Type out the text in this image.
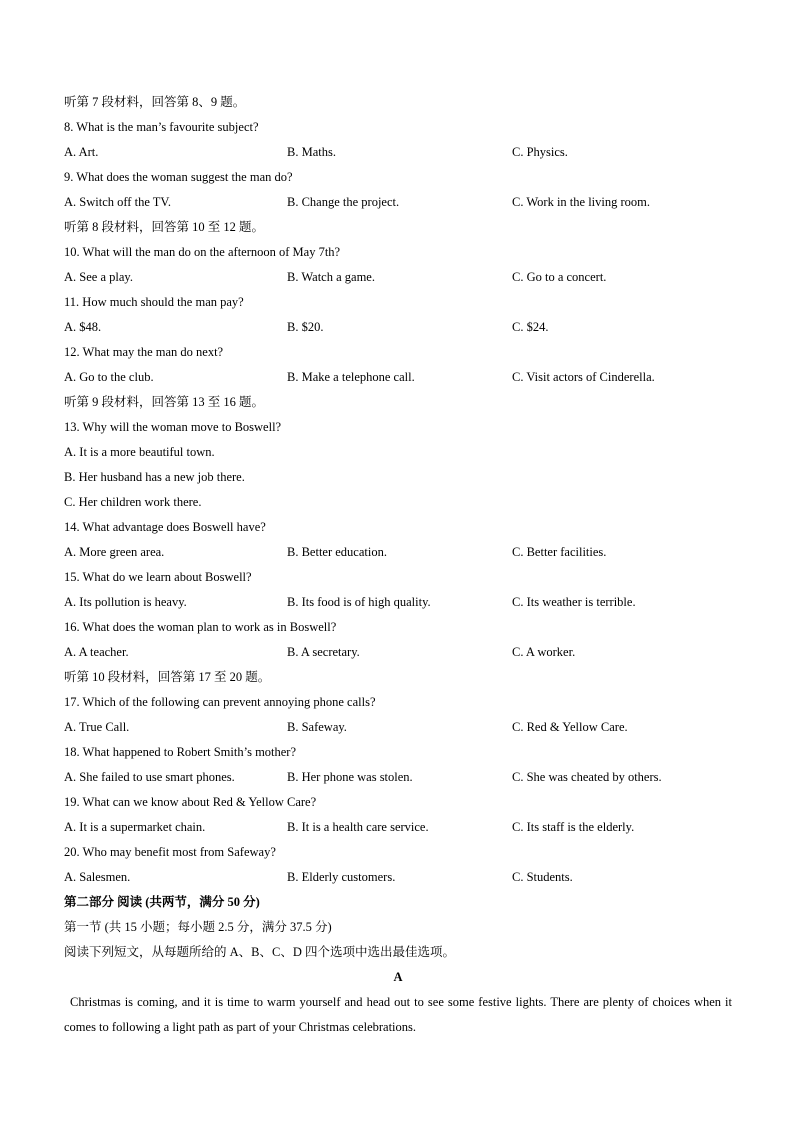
听第 7 段材料，回答第 8、9 题。
8. What is the man’s favourite subject?
A. Art.	B. Maths.	C. Physics.
9. What does the woman suggest the man do?
A. Switch off the TV.	B. Change the project.	C. Work in the living room.
听第 8 段材料，回答第 10 至 12 题。
10. What will the man do on the afternoon of May 7th?
A. See a play.	B. Watch a game.	C. Go to a concert.
11. How much should the man pay?
A. $48.	B. $20.	C. $24.
12. What may the man do next?
A. Go to the club.	B. Make a telephone call.	C. Visit actors of Cinderella.
听第 9 段材料，回答第 13 至 16 题。
13. Why will the woman move to Boswell?
A. It is a more beautiful town.
B. Her husband has a new job there.
C. Her children work there.
14. What advantage does Boswell have?
A. More green area.	B. Better education.	C. Better facilities.
15. What do we learn about Boswell?
A. Its pollution is heavy.	B. Its food is of high quality.	C. Its weather is terrible.
16. What does the woman plan to work as in Boswell?
A. A teacher.	B. A secretary.	C. A worker.
听第 10 段材料，回答第 17 至 20 题。
17. Which of the following can prevent annoying phone calls?
A. True Call.	B. Safeway.	C. Red & Yellow Care.
18. What happened to Robert Smith’s mother?
A. She failed to use smart phones.	B. Her phone was stolen.	C. She was cheated by others.
19. What can we know about Red & Yellow Care?
A. It is a supermarket chain.	B. It is a health care service.	C. Its staff is the elderly.
20. Who may benefit most from Safeway?
A. Salesmen.	B. Elderly customers.	C. Students.
第二部分 阅读 (共两节，满分 50 分)
第一节 (共 15 小题；每小题 2.5 分，满分 37.5 分)
阅读下列短文，从每题所给的 A、B、C、D 四个选项中选出最佳选项。
A
Christmas is coming, and it is time to warm yourself and head out to see some festive lights. There are plenty of choices when it comes to following a light path as part of your Christmas celebrations.
